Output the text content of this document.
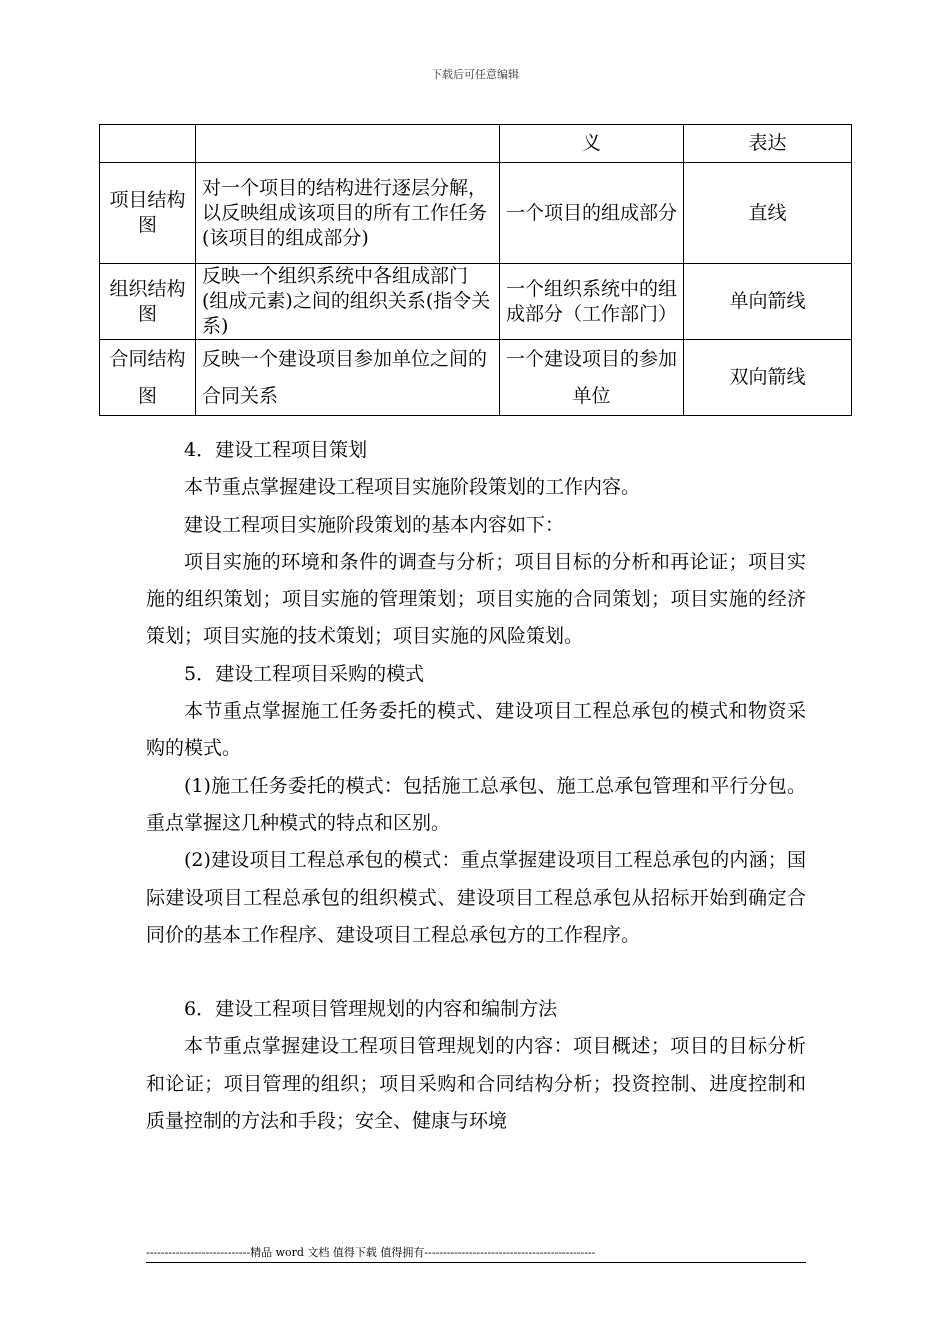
下载后可任意编辑
		义	表达
项目结构图	对一个项目的结构进行逐层分解，以反映组成该项目的所有工作任务(该项目的组成部分)	一个项目的组成部分	直线
组织结构图	反映一个组织系统中各组成部门(组成元素)之间的组织关系(指令关系)	一个组织系统中的组成部分（工作部门）	单向箭线
合同结构图	反映一个建设项目参加单位之间的合同关系	一个建设项目的参加单位	双向箭线

4．建设工程项目策划

本节重点掌握建设工程项目实施阶段策划的工作内容。

建设工程项目实施阶段策划的基本内容如下：

项目实施的环境和条件的调查与分析；项目目标的分析和再论证；项目实施的组织策划；项目实施的管理策划；项目实施的合同策划；项目实施的经济策划；项目实施的技术策划；项目实施的风险策划。

5．建设工程项目采购的模式

本节重点掌握施工任务委托的模式、建设项目工程总承包的模式和物资采购的模式。

(1)施工任务委托的模式：包括施工总承包、施工总承包管理和平行分包。重点掌握这几种模式的特点和区别。

(2)建设项目工程总承包的模式：重点掌握建设项目工程总承包的内涵；国际建设项目工程总承包的组织模式、建设项目工程总承包从招标开始到确定合同价的基本工作程序、建设项目工程总承包方的工作程序。

6．建设工程项目管理规划的内容和编制方法

本节重点掌握建设工程项目管理规划的内容：项目概述；项目的目标分析和论证；项目管理的组织；项目采购和合同结构分析；投资控制、进度控制和质量控制的方法和手段；安全、健康与环境

----------------------------精品 word 文档 值得下载 值得拥有----------------------------------------------
